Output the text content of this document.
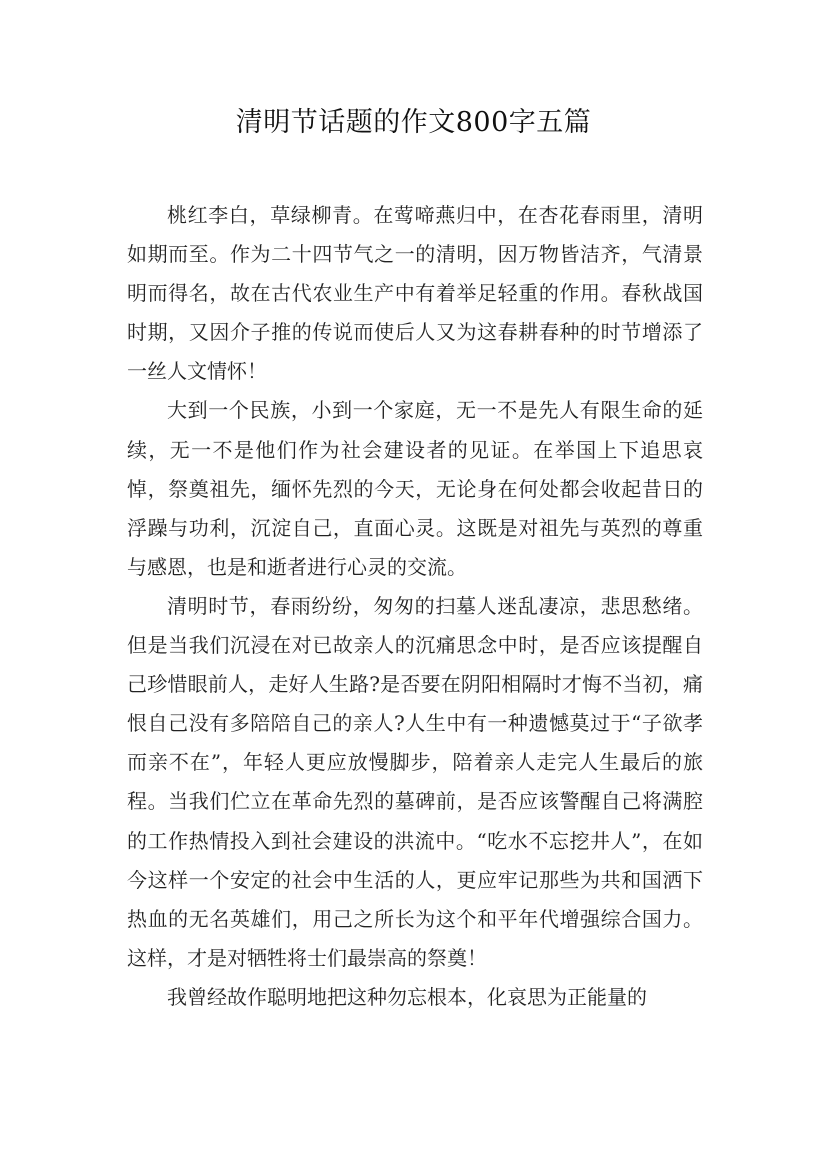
清明节话题的作文800字五篇

桃红李白，草绿柳青。在莺啼燕归中，在杏花春雨里，清明如期而至。作为二十四节气之一的清明，因万物皆洁齐，气清景明而得名，故在古代农业生产中有着举足轻重的作用。春秋战国时期，又因介子推的传说而使后人又为这春耕春种的时节增添了一丝人文情怀！

大到一个民族，小到一个家庭，无一不是先人有限生命的延续，无一不是他们作为社会建设者的见证。在举国上下追思哀悼，祭奠祖先，缅怀先烈的今天，无论身在何处都会收起昔日的浮躁与功利，沉淀自己，直面心灵。这既是对祖先与英烈的尊重与感恩，也是和逝者进行心灵的交流。

清明时节，春雨纷纷，匆匆的扫墓人迷乱凄凉，悲思愁绪。但是当我们沉浸在对已故亲人的沉痛思念中时，是否应该提醒自己珍惜眼前人，走好人生路?是否要在阴阳相隔时才悔不当初，痛恨自己没有多陪陪自己的亲人?人生中有一种遗憾莫过于“子欲孝而亲不在”，年轻人更应放慢脚步，陪着亲人走完人生最后的旅程。当我们伫立在革命先烈的墓碑前，是否应该警醒自己将满腔的工作热情投入到社会建设的洪流中。“吃水不忘挖井人”，在如今这样一个安定的社会中生活的人，更应牢记那些为共和国洒下热血的无名英雄们，用己之所长为这个和平年代增强综合国力。这样，才是对牺牲将士们最崇高的祭奠！

我曾经故作聪明地把这种勿忘根本，化哀思为正能量的
